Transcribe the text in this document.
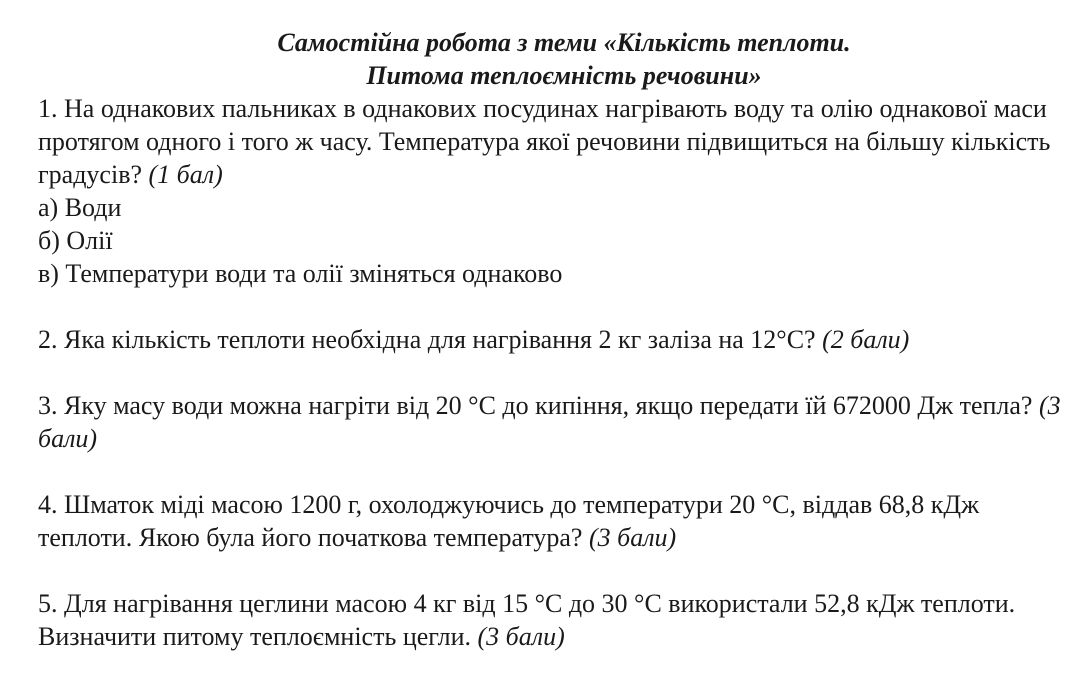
Самостійна робота з теми «Кількість теплоти.
Питома теплоємність речовини»
1. На однакових пальниках в однакових посудинах нагрівають воду та олію однакової маси протягом одного і того ж часу. Температура якої речовини підвищиться на більшу кількість градусів? (1 бал)
а) Води
б) Олії
в) Температури води та олії зміняться однаково
2. Яка кількість теплоти необхідна для нагрівання 2 кг заліза на 12°С? (2 бали)
3. Яку масу води можна нагріти від 20 °С до кипіння, якщо передати їй 672000 Дж тепла? (3 бали)
4. Шматок міді масою 1200 г, охолоджуючись до температури 20 °С, віддав 68,8 кДж теплоти. Якою була його початкова температура? (3 бали)
5. Для нагрівання цеглини масою 4 кг від 15 °С до 30 °С використали 52,8 кДж теплоти. Визначити питому теплоємність цегли. (3 бали)
